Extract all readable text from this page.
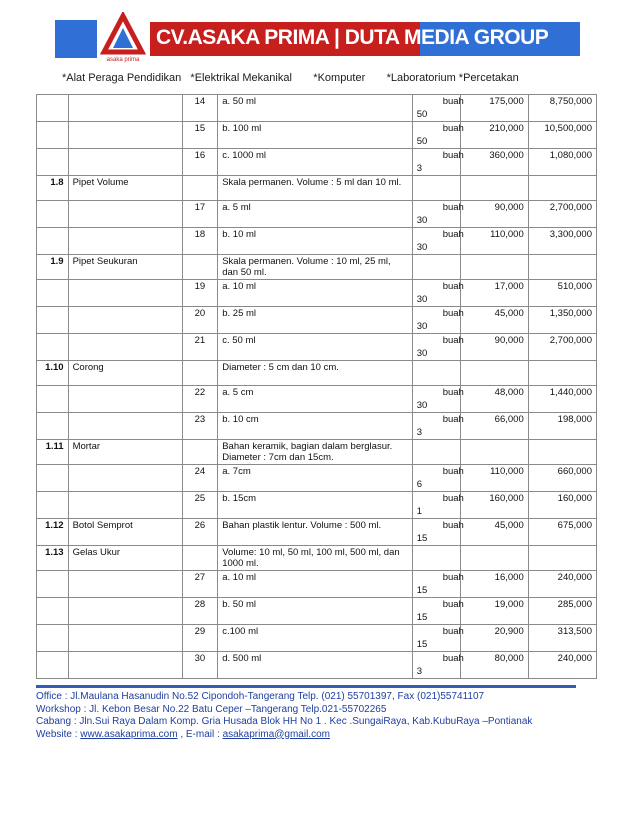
asaka prima
CV.ASAKA PRIMA | DUTA MEDIA GROUP
*Alat Peraga Pendidikan   *Elektrikal Mekanikal       *Komputer       *Laboratorium *Percetakan
		14	a. 50 ml	buah
50	175,000	8,750,000
		15	b. 100 ml	buah
50	210,000	10,500,000
		16	c. 1000 ml	buah
3	360,000	1,080,000
1.8	Pipet Volume		Skala permanen. Volume : 5 ml dan 10 ml.	

		17	a. 5 ml	buah
30	90,000	2,700,000
		18	b. 10 ml	buah
30	110,000	3,300,000
1.9	Pipet Seukuran		Skala permanen. Volume : 10 ml, 25 ml, dan 50 ml.	

		19	a. 10 ml	buah
30	17,000	510,000
		20	b. 25 ml	buah
30	45,000	1,350,000
		21	c. 50 ml	buah
30	90,000	2,700,000
1.10	Corong		Diameter : 5 cm dan 10 cm.	

		22	a. 5 cm	buah
30	48,000	1,440,000
		23	b. 10 cm	buah
3	66,000	198,000
1.11	Mortar		Bahan keramik, bagian dalam berglasur. Diameter : 7cm dan 15cm.	

		24	a. 7cm	buah
6	110,000	660,000
		25	b. 15cm	buah
1	160,000	160,000
1.12	Botol Semprot	26	Bahan plastik lentur. Volume : 500 ml.	buah
15	45,000	675,000
1.13	Gelas Ukur		Volume: 10 ml, 50 ml, 100 ml, 500 ml, dan 1000 ml.	

		27	a. 10 ml	buah
15	16,000	240,000
		28	b. 50 ml	buah
15	19,000	285,000
		29	c.100 ml	buah
15	20,900	313,500
		30	d. 500 ml	buah
3	80,000	240,000
Office : Jl.Maulana Hasanudin No.52 Cipondoh-Tangerang Telp. (021) 55701397, Fax (021)55741107
Workshop : Jl. Kebon Besar No.22 Batu Ceper –Tangerang Telp.021-55702265
Cabang : Jln.Sui Raya Dalam Komp. Gria Husada Blok HH No 1 . Kec .SungaiRaya, Kab.KubuRaya –Pontianak
Website : www.asakaprima.com , E-mail : asakaprima@gmail.com
